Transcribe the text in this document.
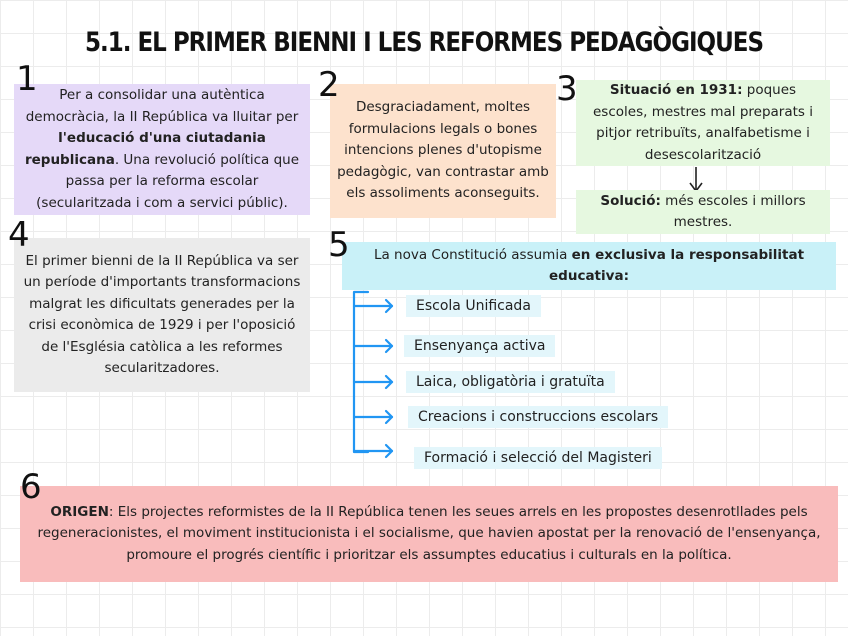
5.1. EL PRIMER BIENNI I LES REFORMES PEDAGÒGIQUES

Per a consolidar una autèntica democràcia, la II República va lluitar per l'educació d'una ciutadania republicana. Una revolució política que passa per la reforma escolar (secularitzada i com a servici públic).

1

Desgraciadament, moltes formulacions legals o bones intencions plenes d'utopisme pedagògic, van contrastar amb els assoliments aconseguits.

2	Situació en 1931: poques escoles, mestres mal preparats i pitjor retribuïts, analfabetisme i desescolarització

3

Solució: més escoles i millors mestres.

El primer bienni de la II República va ser un període d'importants transformacions malgrat les dificultats generades per la crisi econòmica de 1929 i per l'oposició de l'Església catòlica a les reformes secularitzadores.

4	La nova Constitució assumia en exclusiva la responsabilitat educativa:

5
Escola Unificada
Ensenyança activa
Laica, obligatòria i gratuïta
Creacions i construccions escolars
Formació i selecció del Magisteri

ORIGEN: Els projectes reformistes de la II República tenen les seues arrels en les propostes desenrotllades pels regeneracionistes, el moviment institucionista i el socialisme, que havien apostat per la renovació de l'ensenyança, promoure el progrés científic i prioritzar els assumptes educatius i culturals en la política.

6
